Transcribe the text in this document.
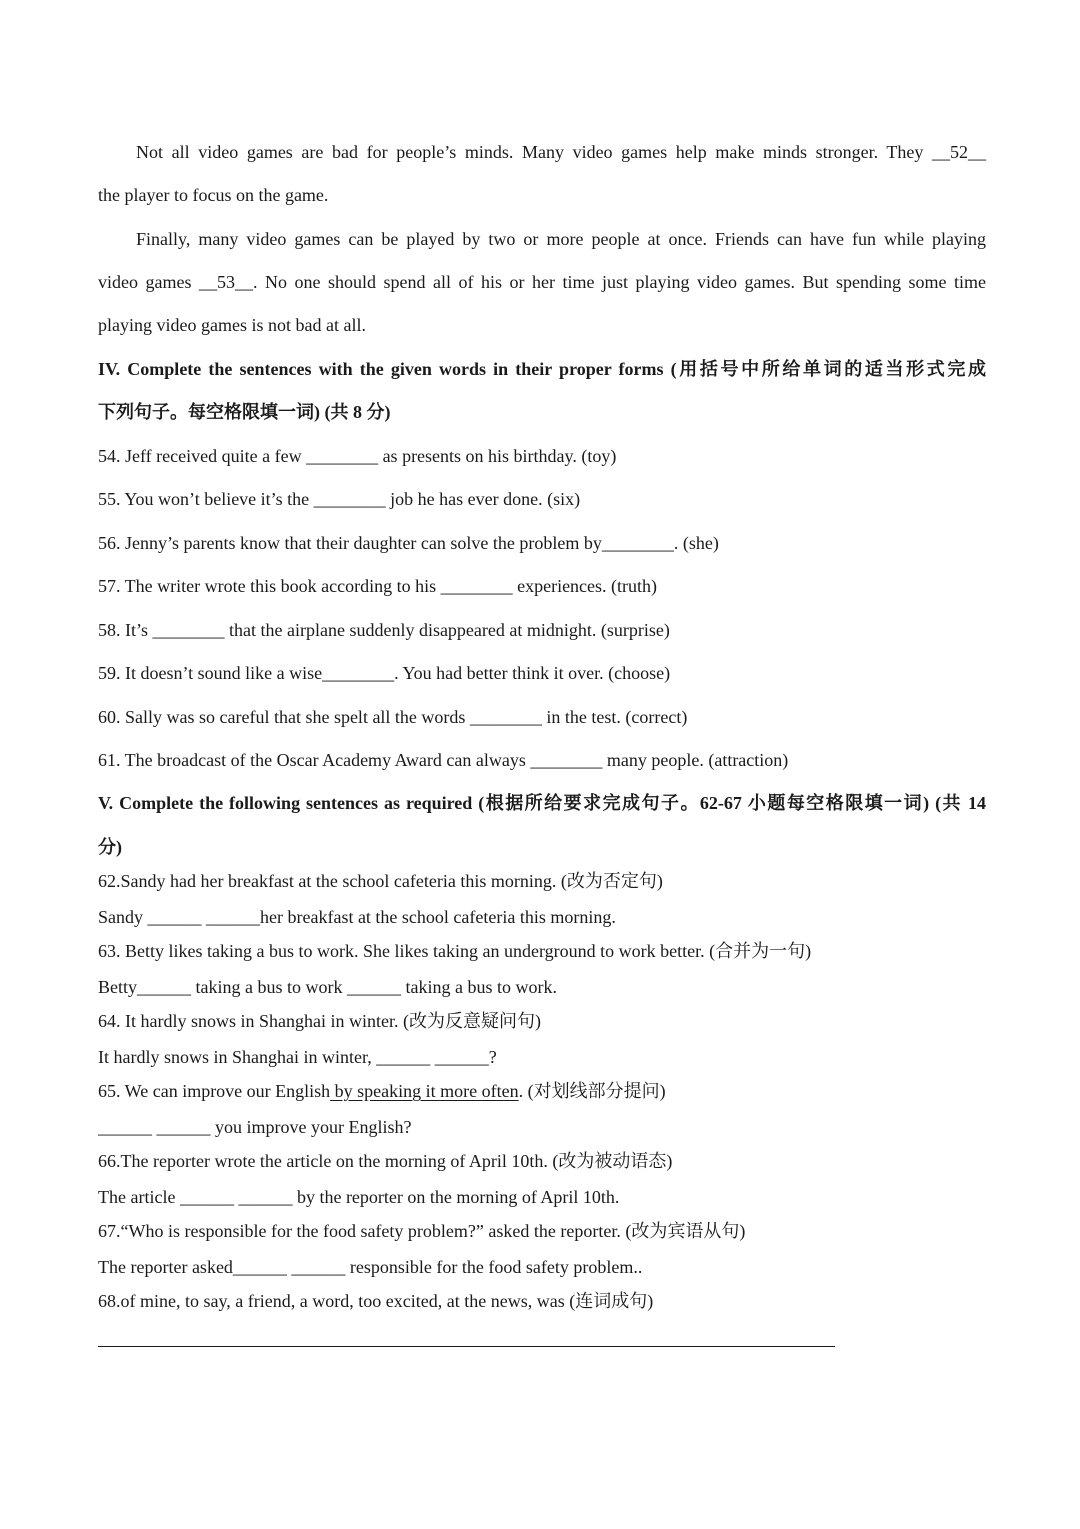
Not all video games are bad for people’s minds. Many video games help make minds stronger. They __52__
the player to focus on the game.
Finally, many video games can be played by two or more people at once. Friends can have fun while playing
video games __53__. No one should spend all of his or her time just playing video games. But spending some time
playing video games is not bad at all.
IV. Complete the sentences with the given words in their proper forms (用括号中所给单词的适当形式完成
下列句子。每空格限填一词) (共 8 分)
54. Jeff received quite a few ________ as presents on his birthday. (toy)
55. You won’t believe it’s the ________ job he has ever done. (six)
56. Jenny’s parents know that their daughter can solve the problem by________. (she)
57. The writer wrote this book according to his ________ experiences. (truth)
58. It’s ________ that the airplane suddenly disappeared at midnight. (surprise)
59. It doesn’t sound like a wise________. You had better think it over. (choose)
60. Sally was so careful that she spelt all the words ________ in the test. (correct)
61. The broadcast of the Oscar Academy Award can always ________ many people. (attraction)
V. Complete the following sentences as required (根据所给要求完成句子。62-67 小题每空格限填一词) (共 14
分)
62.Sandy had her breakfast at the school cafeteria this morning. (改为否定句)
Sandy ______ ______her breakfast at the school cafeteria this morning.
63. Betty likes taking a bus to work. She likes taking an underground to work better. (合并为一句)
Betty______ taking a bus to work ______ taking a bus to work.
64. It hardly snows in Shanghai in winter. (改为反意疑问句)
It hardly snows in Shanghai in winter, ______ ______?
65. We can improve our English by speaking it more often. (对划线部分提问)
______ ______ you improve your English?
66.The reporter wrote the article on the morning of April 10th. (改为被动语态)
The article ______ ______ by the reporter on the morning of April 10th.
67.“Who is responsible for the food safety problem?” asked the reporter. (改为宾语从句)
The reporter asked______ ______ responsible for the food safety problem..
68.of mine, to say, a friend, a word, too excited, at the news, was (连词成句)
